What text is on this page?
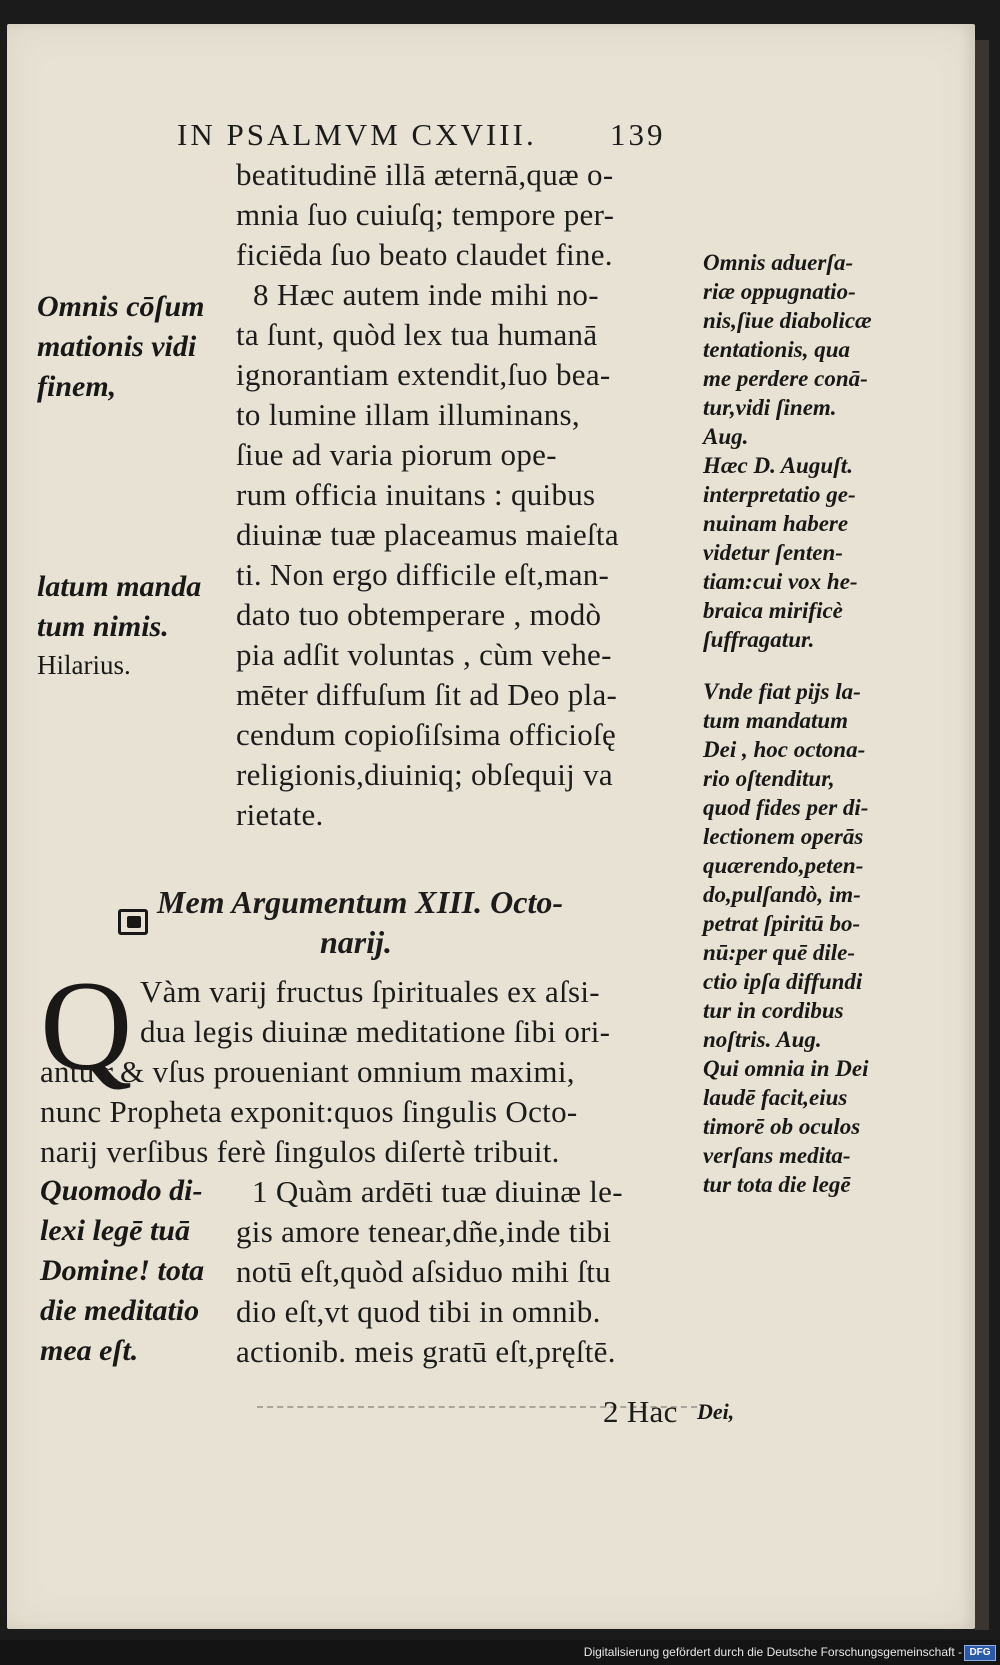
IN PSALMVM CXVIII. 139
beatitudinē illā æternā,quæ o-
mnia ſuo cuiuſq; tempore per-
ficiēda ſuo beato claudet fine.
8 Hæc autem inde mihi no-
ta ſunt, quòd lex tua humanā
ignorantiam extendit,ſuo bea-
to lumine illam illuminans,
ſiue ad varia piorum ope-
rum officia inuitans : quibus
diuinæ tuæ placeamus maieſta
ti. Non ergo difficile eſt,man-
dato tuo obtemperare , modò
pia adſit voluntas , cùm vehe-
mēter diffuſum ſit ad Deo pla-
cendum copioſiſsima officioſę
religionis,diuiniq; obſequij va
rietate.
Omnis cōſum
mationis vidi
finem,
latum manda
tum nimis.
Hilarius.
Mem Argumentum XIII. Octo-
narij.
Q Vàm varij fructus ſpirituales ex aſsi-
dua legis diuinæ meditatione ſibi ori-
antu r,& vſus proueniant omnium maximi,
nunc Propheta exponit:quos ſingulis Octo-
narij verſibus ferè ſingulos diſertè tribuit.
1 Quàm ardēti tuæ diuinæ le-
gis amore tenear,dñe,inde tibi
notū eſt,quòd aſsiduo mihi ſtu
dio eſt,vt quod tibi in omnib.
actionib. meis gratū eſt,pręſtē.
Quomodo di-
lexi legē tuā
Domine! tota
die meditatio
mea eſt.
2 Hac Dei,
Omnis aduerſa-
riæ oppugnatio-
nis,ſiue diabolicæ
tentationis, qua
me perdere conā-
tur,vidi ſinem.
Aug.
Hæc D. Auguſt.
interpretatio ge-
nuinam habere
videtur ſenten-
tiam:cui vox he-
braica mirificè
ſuffragatur.
Vnde fiat pijs la-
tum mandatum
Dei , hoc octona-
rio oſtenditur,
quod fides per di-
lectionem operās
quærendo,peten-
do,pulſandò, im-
petrat ſpiritū bo-
nū:per quē dile-
ctio ipſa diffundi
tur in cordibus
noſtris. Aug.
Qui omnia in Dei
laudē facit,eius
timorē ob oculos
verſans medita-
tur tota die legē
Digitalisierung gefördert durch die Deutsche Forschungsgemeinschaft - DFG
